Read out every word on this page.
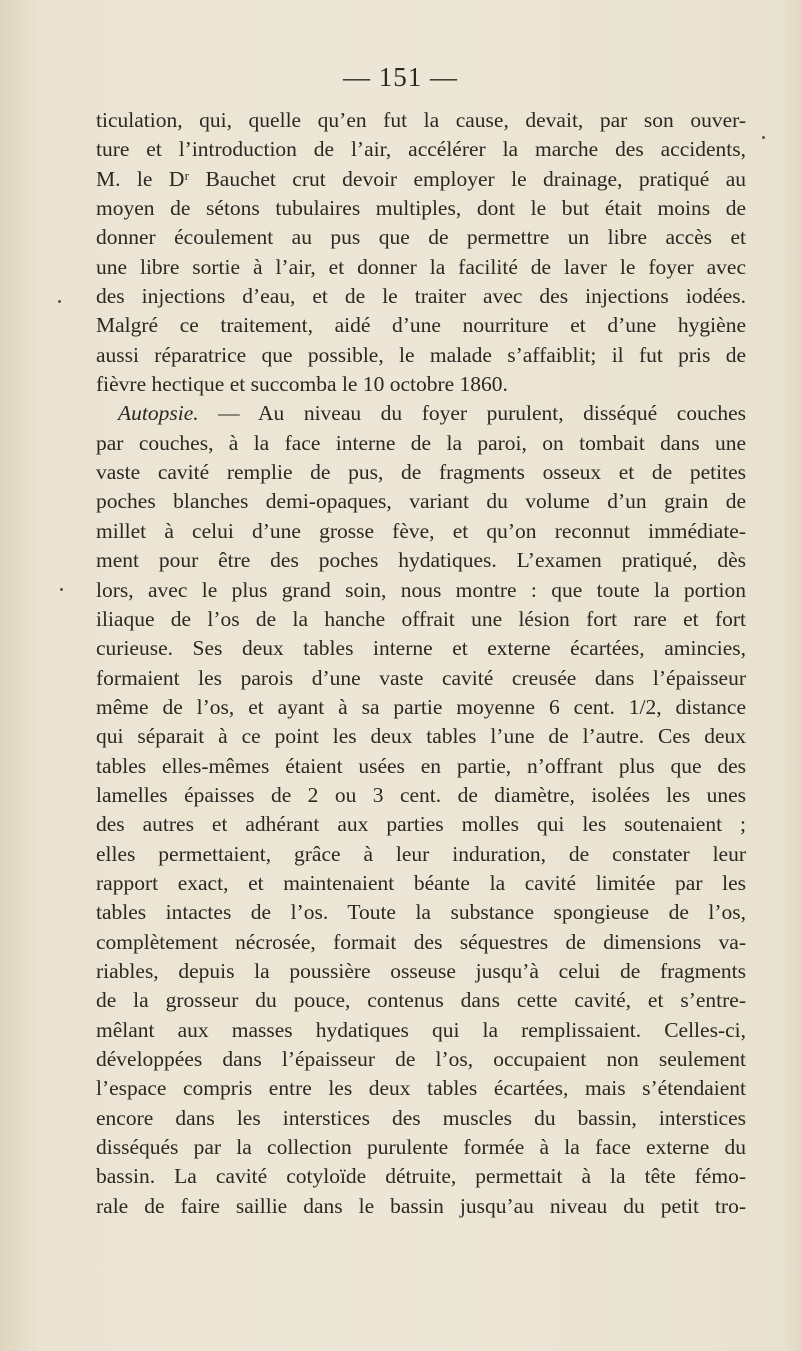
— 151 —
ticulation, qui, quelle qu’en fut la cause, devait, par son ouver-
ture et l’introduction de l’air, accélérer la marche des accidents,
M. le Dʳ Bauchet crut devoir employer le drainage, pratiqué au
moyen de sétons tubulaires multiples, dont le but était moins de
donner écoulement au pus que de permettre un libre accès et
une libre sortie à l’air, et donner la facilité de laver le foyer avec
des injections d’eau, et de le traiter avec des injections iodées.
Malgré ce traitement, aidé d’une nourriture et d’une hygiène
aussi réparatrice que possible, le malade s’affaiblit; il fut pris de
fièvre hectique et succomba le 10 octobre 1860.
Autopsie. — Au niveau du foyer purulent, disséqué couches
par couches, à la face interne de la paroi, on tombait dans une
vaste cavité remplie de pus, de fragments osseux et de petites
poches blanches demi-opaques, variant du volume d’un grain de
millet à celui d’une grosse fève, et qu’on reconnut immédiate-
ment pour être des poches hydatiques. L’examen pratiqué, dès
lors, avec le plus grand soin, nous montre : que toute la portion
iliaque de l’os de la hanche offrait une lésion fort rare et fort
curieuse. Ses deux tables interne et externe écartées, amincies,
formaient les parois d’une vaste cavité creusée dans l’épaisseur
même de l’os, et ayant à sa partie moyenne 6 cent. 1/2, distance
qui séparait à ce point les deux tables l’une de l’autre. Ces deux
tables elles-mêmes étaient usées en partie, n’offrant plus que des
lamelles épaisses de 2 ou 3 cent. de diamètre, isolées les unes
des autres et adhérant aux parties molles qui les soutenaient ;
elles permettaient, grâce à leur induration, de constater leur
rapport exact, et maintenaient béante la cavité limitée par les
tables intactes de l’os. Toute la substance spongieuse de l’os,
complètement nécrosée, formait des séquestres de dimensions va-
riables, depuis la poussière osseuse jusqu’à celui de fragments
de la grosseur du pouce, contenus dans cette cavité, et s’entre-
mêlant aux masses hydatiques qui la remplissaient. Celles-ci,
développées dans l’épaisseur de l’os, occupaient non seulement
l’espace compris entre les deux tables écartées, mais s’étendaient
encore dans les interstices des muscles du bassin, interstices
disséqués par la collection purulente formée à la face externe du
bassin. La cavité cotyloïde détruite, permettait à la tête fémo-
rale de faire saillie dans le bassin jusqu’au niveau du petit tro-
